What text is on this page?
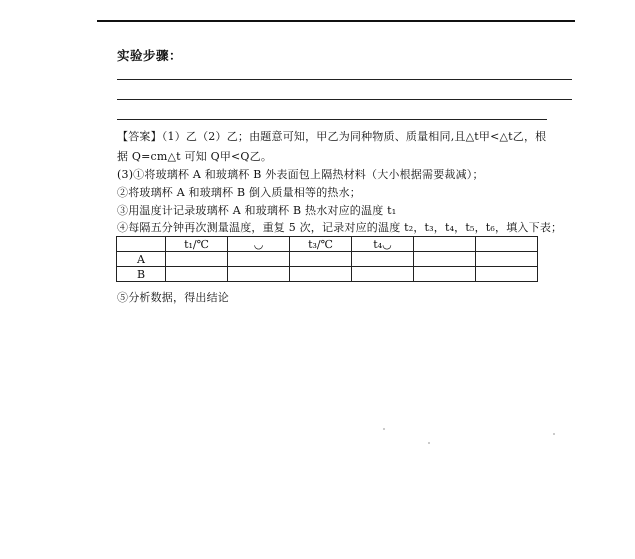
实验步骤：
【答案】（1）乙（2）乙；由题意可知，甲乙为同种物质、质量相同,且△t甲<△t乙，根
据 Q=cm△t 可知 Q甲<Q乙。
(3)①将玻璃杯 A 和玻璃杯 B 外表面包上隔热材料（大小根据需要裁减）；
②将玻璃杯 A 和玻璃杯 B 倒入质量相等的热水；
③用温度计记录玻璃杯 A 和玻璃杯 B 热水对应的温度 t₁
④每隔五分钟再次测量温度，重复 5 次，记录对应的温度 t₂，t₃，t₄，t₅，t₆，填入下表；
	t₁/℃	◡	t₃/℃	t₄◡		
A						
B						
⑤分析数据，得出结论
